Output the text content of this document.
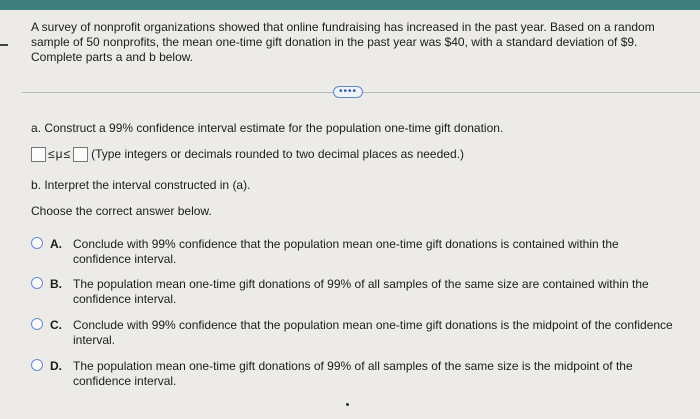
A survey of nonprofit organizations showed that online fundraising has increased in the past year. Based on a random sample of 50 nonprofits, the mean one-time gift donation in the past year was $40, with a standard deviation of $9. Complete parts a and b below.

••••

a. Construct a 99% confidence interval estimate for the population one-time gift donation.

≤μ≤ (Type integers or decimals rounded to two decimal places as needed.)

b. Interpret the interval constructed in (a).

Choose the correct answer below.

A. Conclude with 99% confidence that the population mean one-time gift donations is contained within the confidence interval.
B. The population mean one-time gift donations of 99% of all samples of the same size are contained within the confidence interval.
C. Conclude with 99% confidence that the population mean one-time gift donations is the midpoint of the confidence interval.
D. The population mean one-time gift donations of 99% of all samples of the same size is the midpoint of the confidence interval.
